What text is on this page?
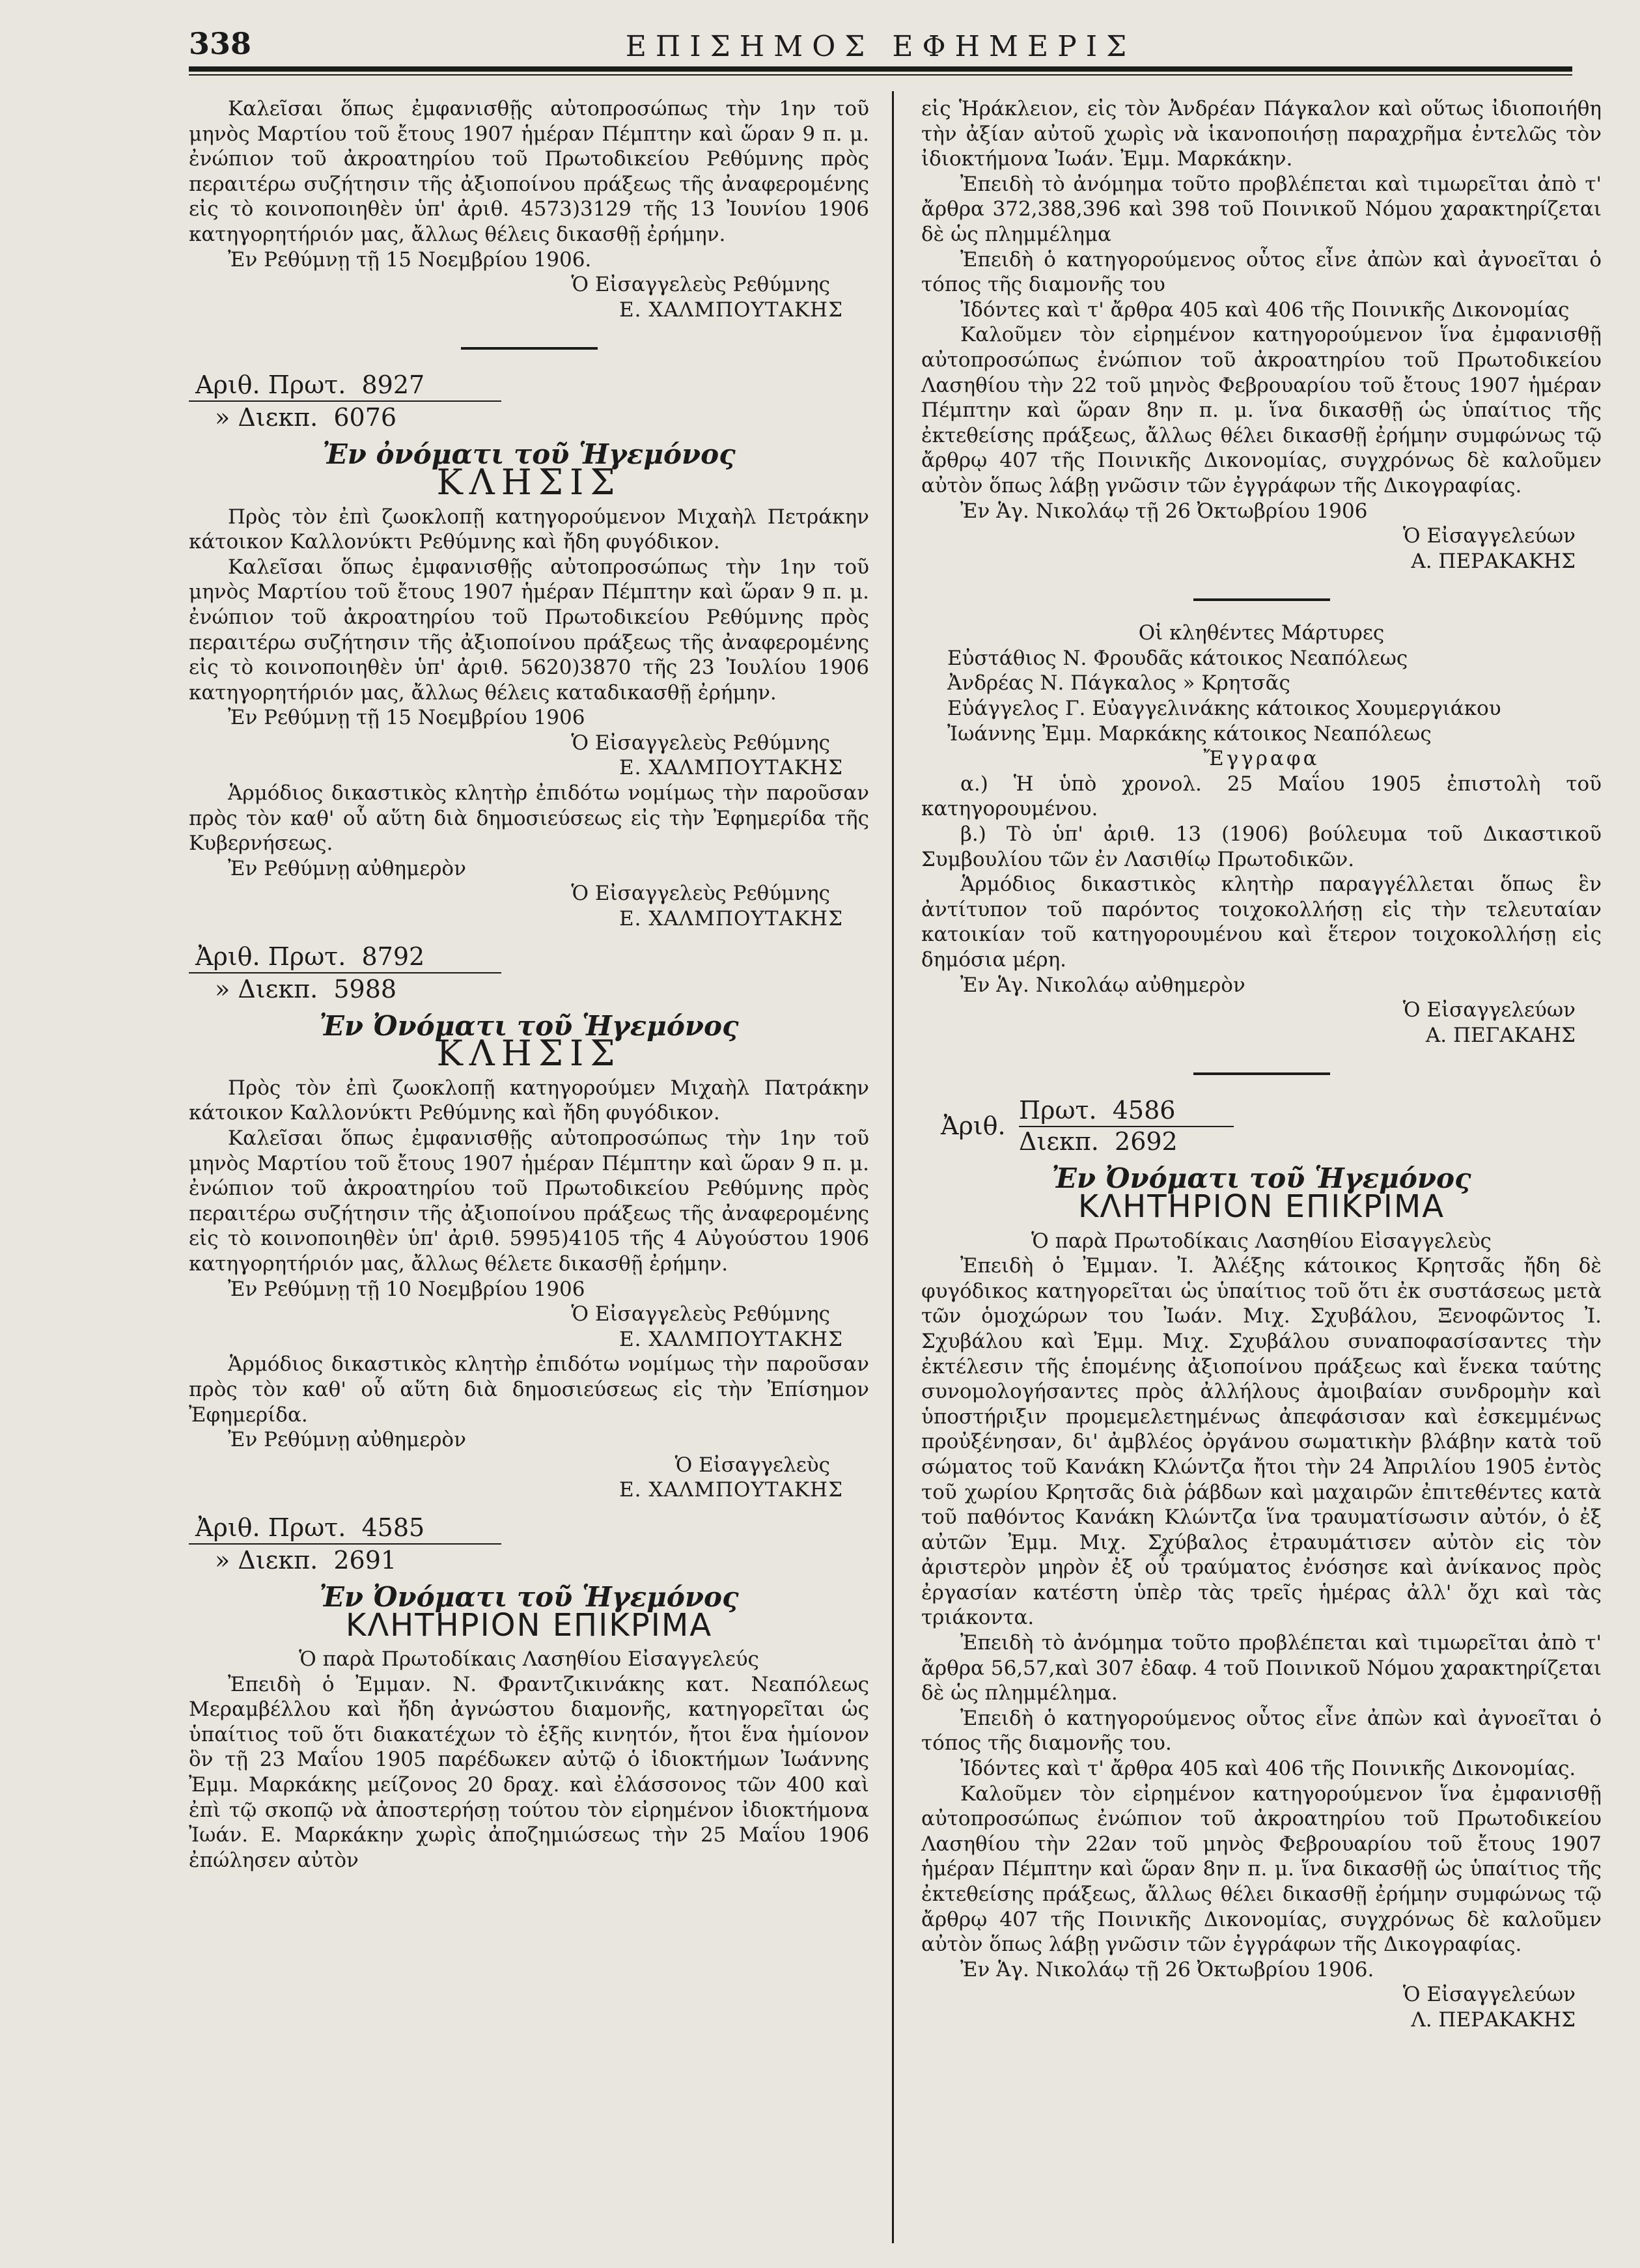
338	ΕΠΙΣΗΜΟΣ ΕΦΗΜΕΡΙΣ

Καλεῖσαι ὅπως ἐμφανισθῇς αὐτοπροσώπως τὴν 1ην τοῦ μηνὸς Μαρτίου τοῦ ἔτους 1907 ἡμέραν Πέμπτην καὶ ὥραν 9 π. μ. ἐνώπιον τοῦ ἀκροατηρίου τοῦ Πρωτοδικείου Ρεθύμνης πρὸς περαιτέρω συζήτησιν τῆς ἀξιοποίνου πράξεως τῆς ἀναφερομένης εἰς τὸ κοινοποιηθὲν ὑπ' ἀριθ. 4573)3129 τῆς 13 Ἰουνίου 1906 κατηγορητήριόν μας, ἄλλως θέλεις δικασθῇ ἐρήμην.

Ἐν Ρεθύμνῃ τῇ 15 Νοεμβρίου 1906.

Ὁ Εἰσαγγελεὺς Ρεθύμνης

Ε. ΧΑΛΜΠΟΥΤΑΚΗΣ

Αριθ. Πρωτ. 8927
» Διεκπ. 6076
Ἐν ὀνόματι τοῦ Ἡγεμόνος
ΚΛΗΣΙΣ

Πρὸς τὸν ἐπὶ ζωοκλοπῇ κατηγορούμενον Μιχαὴλ Πετράκην κάτοικον Καλλονύκτι Ρεθύμνης καὶ ἤδη φυγόδικον.

Καλεῖσαι ὅπως ἐμφανισθῇς αὐτοπροσώπως τὴν 1ην τοῦ μηνὸς Μαρτίου τοῦ ἔτους 1907 ἡμέραν Πέμπτην καὶ ὥραν 9 π. μ. ἐνώπιον τοῦ ἀκροατηρίου τοῦ Πρωτοδικείου Ρεθύμνης πρὸς περαιτέρω συζήτησιν τῆς ἀξιοποίνου πράξεως τῆς ἀναφερομένης εἰς τὸ κοινοποιηθὲν ὑπ' ἀριθ. 5620)3870 τῆς 23 Ἰουλίου 1906 κατηγορητήριόν μας, ἄλλως θέλεις καταδικασθῇ ἐρήμην.

Ἐν Ρεθύμνῃ τῇ 15 Νοεμβρίου 1906

Ὁ Εἰσαγγελεὺς Ρεθύμνης

Ε. ΧΑΛΜΠΟΥΤΑΚΗΣ

Ἁρμόδιος δικαστικὸς κλητὴρ ἐπιδότω νομίμως τὴν παροῦσαν πρὸς τὸν καθ' οὗ αὕτη διὰ δημοσιεύσεως εἰς τὴν Ἐφημερίδα τῆς Κυβερνήσεως.

Ἐν Ρεθύμνῃ αὐθημερὸν

Ὁ Εἰσαγγελεὺς Ρεθύμνης

Ε. ΧΑΛΜΠΟΥΤΑΚΗΣ

Ἀριθ. Πρωτ. 8792
» Διεκπ. 5988
Ἐν Ὀνόματι τοῦ Ἡγεμόνος
ΚΛΗΣΙΣ

Πρὸς τὸν ἐπὶ ζωοκλοπῇ κατηγορούμεν Μιχαὴλ Πατράκην κάτοικον Καλλονύκτι Ρεθύμνης καὶ ἤδη φυγόδικον.

Καλεῖσαι ὅπως ἐμφανισθῇς αὐτοπροσώπως τὴν 1ην τοῦ μηνὸς Μαρτίου τοῦ ἔτους 1907 ἡμέραν Πέμπτην καὶ ὥραν 9 π. μ. ἐνώπιον τοῦ ἀκροατηρίου τοῦ Πρωτοδικείου Ρεθύμνης πρὸς περαιτέρω συζήτησιν τῆς ἀξιοποίνου πράξεως τῆς ἀναφερομένης εἰς τὸ κοινοποιηθὲν ὑπ' ἀριθ. 5995)4105 τῆς 4 Αὐγούστου 1906 κατηγορητήριόν μας, ἄλλως θέλετε δικασθῇ ἐρήμην.

Ἐν Ρεθύμνῃ τῇ 10 Νοεμβρίου 1906

Ὁ Εἰσαγγελεὺς Ρεθύμνης

Ε. ΧΑΛΜΠΟΥΤΑΚΗΣ

Ἁρμόδιος δικαστικὸς κλητὴρ ἐπιδότω νομίμως τὴν παροῦσαν πρὸς τὸν καθ' οὗ αὕτη διὰ δημοσιεύσεως εἰς τὴν Ἐπίσημον Ἐφημερίδα.

Ἐν Ρεθύμνῃ αὐθημερὸν

Ὁ Εἰσαγγελεὺς

Ε. ΧΑΛΜΠΟΥΤΑΚΗΣ

Ἀριθ. Πρωτ. 4585
» Διεκπ. 2691
Ἐν Ὀνόματι τοῦ Ἡγεμόνος
ΚΛΗΤΗΡΙΟΝ ΕΠΙΚΡΙΜΑ

Ὁ παρὰ Πρωτοδίκαις Λασηθίου Εἰσαγγελεύς

Ἐπειδὴ ὁ Ἐμμαν. Ν. Φραντζικινάκης κατ. Νεαπόλεως Μεραμβέλλου καὶ ἤδη ἀγνώστου διαμονῆς, κατηγορεῖται ὡς ὑπαίτιος τοῦ ὅτι διακατέχων τὸ ἑξῆς κινητόν, ἤτοι ἕνα ἡμίονον ὃν τῇ 23 Μαΐου 1905 παρέδωκεν αὐτῷ ὁ ἰδιοκτήμων Ἰωάννης Ἐμμ. Μαρκάκης μείζονος 20 δραχ. καὶ ἐλάσσονος τῶν 400 καὶ ἐπὶ τῷ σκοπῷ νὰ ἀποστερήσῃ τούτου τὸν εἰρημένον ἰδιοκτήμονα Ἰωάν. Ε. Μαρκάκην χωρὶς ἀποζημιώσεως τὴν 25 Μαΐου 1906 ἐπώλησεν αὐτὸν

εἰς Ἡράκλειον, εἰς τὸν Ἀνδρέαν Πάγκαλον καὶ οὕτως ἰδιοποιήθη τὴν ἀξίαν αὐτοῦ χωρὶς νὰ ἱκανοποιήσῃ παραχρῆμα ἐντελῶς τὸν ἰδιοκτήμονα Ἰωάν. Ἐμμ. Μαρκάκην.

Ἐπειδὴ τὸ ἀνόμημα τοῦτο προβλέπεται καὶ τιμωρεῖται ἀπὸ τ' ἄρθρα 372,388,396 καὶ 398 τοῦ Ποινικοῦ Νόμου χαρακτηρίζεται δὲ ὡς πλημμέλημα

Ἐπειδὴ ὁ κατηγορούμενος οὗτος εἶνε ἀπὼν καὶ ἀγνοεῖται ὁ τόπος τῆς διαμονῆς του

Ἰδόντες καὶ τ' ἄρθρα 405 καὶ 406 τῆς Ποινικῆς Δικονομίας

Καλοῦμεν τὸν εἰρημένον κατηγορούμενον ἵνα ἐμφανισθῇ αὐτοπροσώπως ἐνώπιον τοῦ ἀκροατηρίου τοῦ Πρωτοδικείου Λασηθίου τὴν 22 τοῦ μηνὸς Φεβρουαρίου τοῦ ἔτους 1907 ἡμέραν Πέμπτην καὶ ὥραν 8ην π. μ. ἵνα δικασθῇ ὡς ὑπαίτιος τῆς ἐκτεθείσης πράξεως, ἄλλως θέλει δικασθῇ ἐρήμην συμφώνως τῷ ἄρθρῳ 407 τῆς Ποινικῆς Δικονομίας, συγχρόνως δὲ καλοῦμεν αὐτὸν ὅπως λάβῃ γνῶσιν τῶν ἐγγράφων τῆς Δικογραφίας.

Ἐν Ἁγ. Νικολάῳ τῇ 26 Ὀκτωβρίου 1906

Ὁ Εἰσαγγελεύων

Α. ΠΕΡΑΚΑΚΗΣ

Οἱ κληθέντες Μάρτυρες

Εὐστάθιος Ν. Φρουδᾶς κάτοικος Νεαπόλεως

Ἀνδρέας Ν. Πάγκαλος » Κρητσᾶς

Εὐάγγελος Γ. Εὐαγγελινάκης κάτοικος Χουμεργιάκου

Ἰωάννης Ἐμμ. Μαρκάκης κάτοικος Νεαπόλεως

Ἔγγραφα

α.) Ἡ ὑπὸ χρονολ. 25 Μαΐου 1905 ἐπιστολὴ τοῦ κατηγορουμένου.

β.) Τὸ ὑπ' ἀριθ. 13 (1906) βούλευμα τοῦ Δικαστικοῦ Συμβουλίου τῶν ἐν Λασιθίῳ Πρωτοδικῶν.

Ἁρμόδιος δικαστικὸς κλητὴρ παραγγέλλεται ὅπως ἓν ἀντίτυπον τοῦ παρόντος τοιχοκολλήσῃ εἰς τὴν τελευταίαν κατοικίαν τοῦ κατηγορουμένου καὶ ἕτερον τοιχοκολλήσῃ εἰς δημόσια μέρη.

Ἐν Ἁγ. Νικολάῳ αὐθημερὸν

Ὁ Εἰσαγγελεύων

Α. ΠΕΓΑΚΑΗΣ

Ἀριθ.
Πρωτ. 4586
Διεκπ. 2692
Ἐν Ὀνόματι τοῦ Ἡγεμόνος
ΚΛΗΤΗΡΙΟΝ ΕΠΙΚΡΙΜΑ

Ὁ παρὰ Πρωτοδίκαις Λασηθίου Εἰσαγγελεὺς

Ἐπειδὴ ὁ Ἐμμαν. Ἰ. Ἀλέξης κάτοικος Κρητσᾶς ἤδη δὲ φυγόδικος κατηγορεῖται ὡς ὑπαίτιος τοῦ ὅτι ἐκ συστάσεως μετὰ τῶν ὁμοχώρων του Ἰωάν. Μιχ. Σχυβάλου, Ξενοφῶντος Ἰ. Σχυβάλου καὶ Ἐμμ. Μιχ. Σχυβάλου συναποφασίσαντες τὴν ἐκτέλεσιν τῆς ἑπομένης ἀξιοποίνου πράξεως καὶ ἕνεκα ταύτης συνομολογήσαντες πρὸς ἀλλήλους ἀμοιβαίαν συνδρομὴν καὶ ὑποστήριξιν προμεμελετημένως ἀπεφάσισαν καὶ ἐσκεμμένως προὐξένησαν, δι' ἀμβλέος ὀργάνου σωματικὴν βλάβην κατὰ τοῦ σώματος τοῦ Κανάκη Κλώντζα ἤτοι τὴν 24 Ἀπριλίου 1905 ἐντὸς τοῦ χωρίου Κρητσᾶς διὰ ῥάβδων καὶ μαχαιρῶν ἐπιτεθέντες κατὰ τοῦ παθόντος Κανάκη Κλώντζα ἵνα τραυματίσωσιν αὐτόν, ὁ ἐξ αὐτῶν Ἐμμ. Μιχ. Σχύβαλος ἐτραυμάτισεν αὐτὸν εἰς τὸν ἀριστερὸν μηρὸν ἐξ οὗ τραύματος ἐνόσησε καὶ ἀνίκανος πρὸς ἐργασίαν κατέστη ὑπὲρ τὰς τρεῖς ἡμέρας ἀλλ' ὄχι καὶ τὰς τριάκοντα.

Ἐπειδὴ τὸ ἀνόμημα τοῦτο προβλέπεται καὶ τιμωρεῖται ἀπὸ τ' ἄρθρα 56,57,καὶ 307 ἐδαφ. 4 τοῦ Ποινικοῦ Νόμου χαρακτηρίζεται δὲ ὡς πλημμέλημα.

Ἐπειδὴ ὁ κατηγορούμενος οὗτος εἶνε ἀπὼν καὶ ἀγνοεῖται ὁ τόπος τῆς διαμονῆς του.

Ἰδόντες καὶ τ' ἄρθρα 405 καὶ 406 τῆς Ποινικῆς Δικονομίας.

Καλοῦμεν τὸν εἰρημένον κατηγορούμενον ἵνα ἐμφανισθῇ αὐτοπροσώπως ἐνώπιον τοῦ ἀκροατηρίου τοῦ Πρωτοδικείου Λασηθίου τὴν 22αν τοῦ μηνὸς Φεβρουαρίου τοῦ ἔτους 1907 ἡμέραν Πέμπτην καὶ ὥραν 8ην π. μ. ἵνα δικασθῇ ὡς ὑπαίτιος τῆς ἐκτεθείσης πράξεως, ἄλλως θέλει δικασθῇ ἐρήμην συμφώνως τῷ ἄρθρῳ 407 τῆς Ποινικῆς Δικονομίας, συγχρόνως δὲ καλοῦμεν αὐτὸν ὅπως λάβῃ γνῶσιν τῶν ἐγγράφων τῆς Δικογραφίας.

Ἐν Ἁγ. Νικολάῳ τῇ 26 Ὀκτωβρίου 1906.

Ὁ Εἰσαγγελεύων

Λ. ΠΕΡΑΚΑΚΗΣ
